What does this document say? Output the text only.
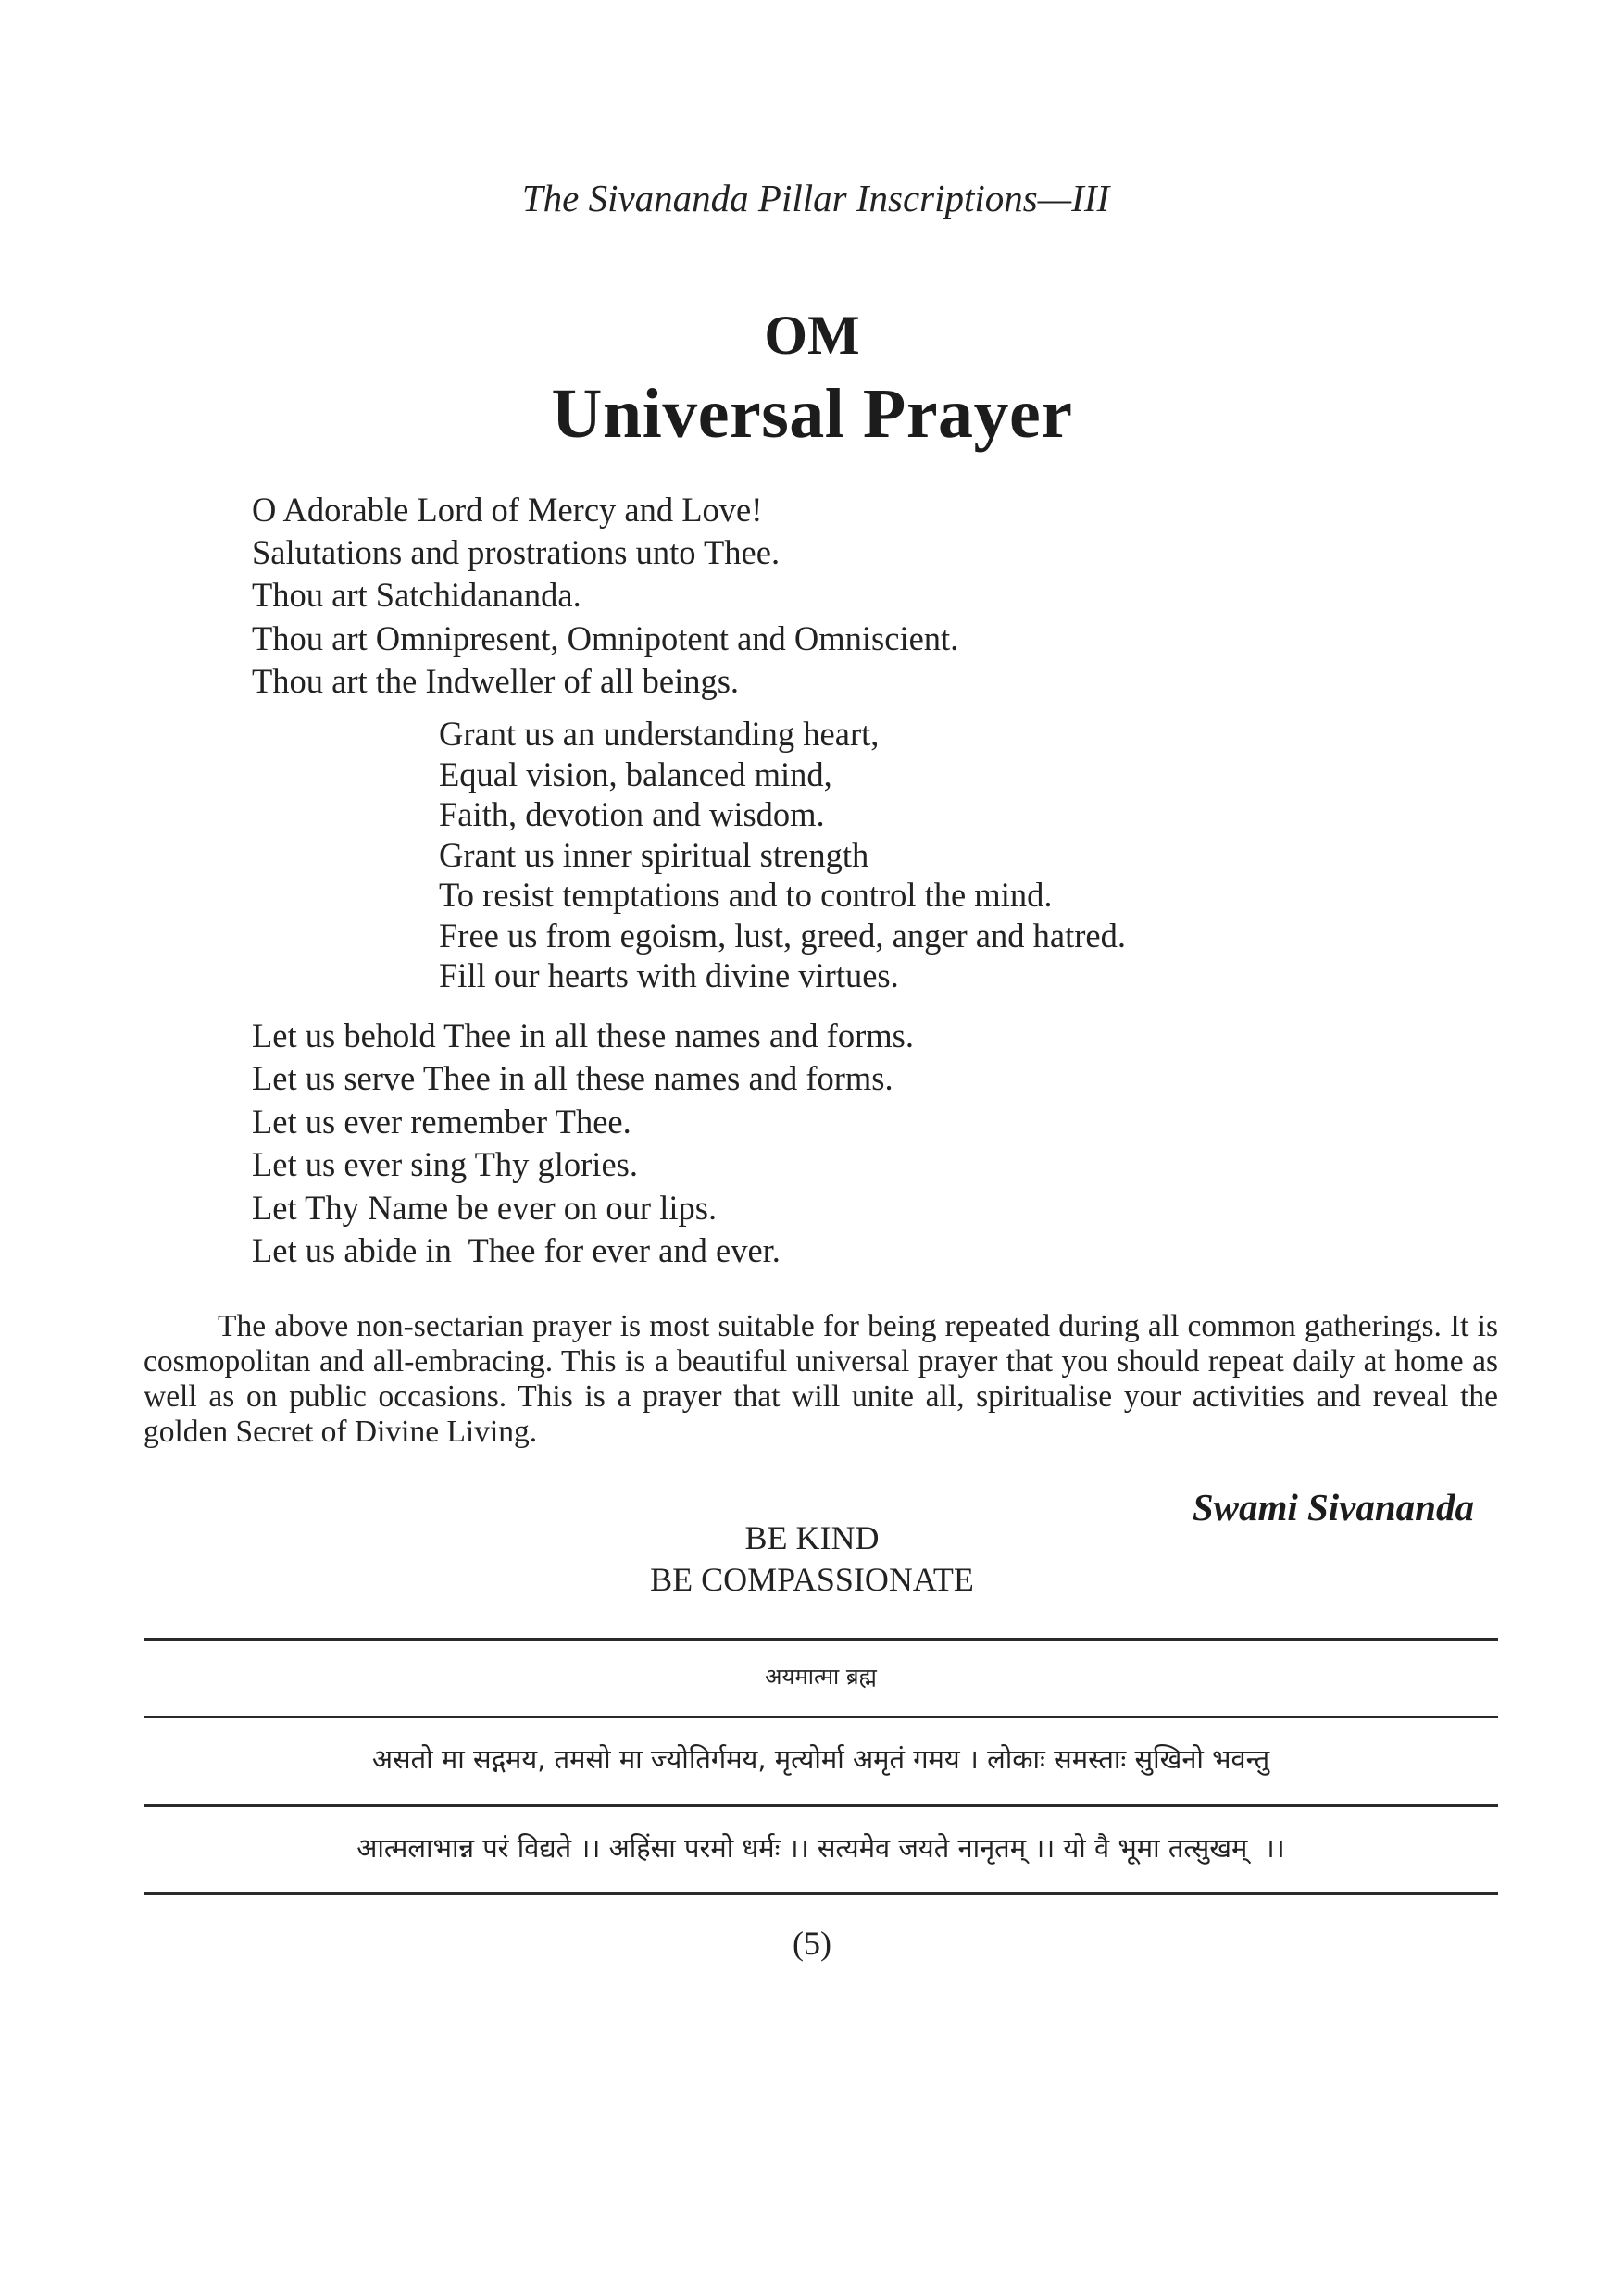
The Sivananda Pillar Inscriptions—III
OM
Universal Prayer
O Adorable Lord of Mercy and Love!
Salutations and prostrations unto Thee.
Thou art Satchidananda.
Thou art Omnipresent, Omnipotent and Omniscient.
Thou art the Indweller of all beings.
Grant us an understanding heart,
Equal vision, balanced mind,
Faith, devotion and wisdom.
Grant us inner spiritual strength
To resist temptations and to control the mind.
Free us from egoism, lust, greed, anger and hatred.
Fill our hearts with divine virtues.
Let us behold Thee in all these names and forms.
Let us serve Thee in all these names and forms.
Let us ever remember Thee.
Let us ever sing Thy glories.
Let Thy Name be ever on our lips.
Let us abide in  Thee for ever and ever.

The above non-sectarian prayer is most suitable for being repeated during all common gatherings. It is cosmopolitan and all-embracing. This is a beautiful universal prayer that you should repeat daily at home as well as on public occasions. This is a prayer that will unite all, spiritualise your activities and reveal the golden Secret of Divine Living.

Swami Sivananda
BE KIND
BE COMPASSIONATE
अयमात्मा ब्रह्म
असतो मा सद्गमय, तमसो मा ज्योतिर्गमय, मृत्योर्मा अमृतं गमय । लोकाः समस्ताः सुखिनो भवन्तु
आत्मलाभान्न परं विद्यते ।। अहिंसा परमो धर्मः ।। सत्यमेव जयते नानृतम् ।। यो वै भूमा तत्सुखम्  ।।
(5)
